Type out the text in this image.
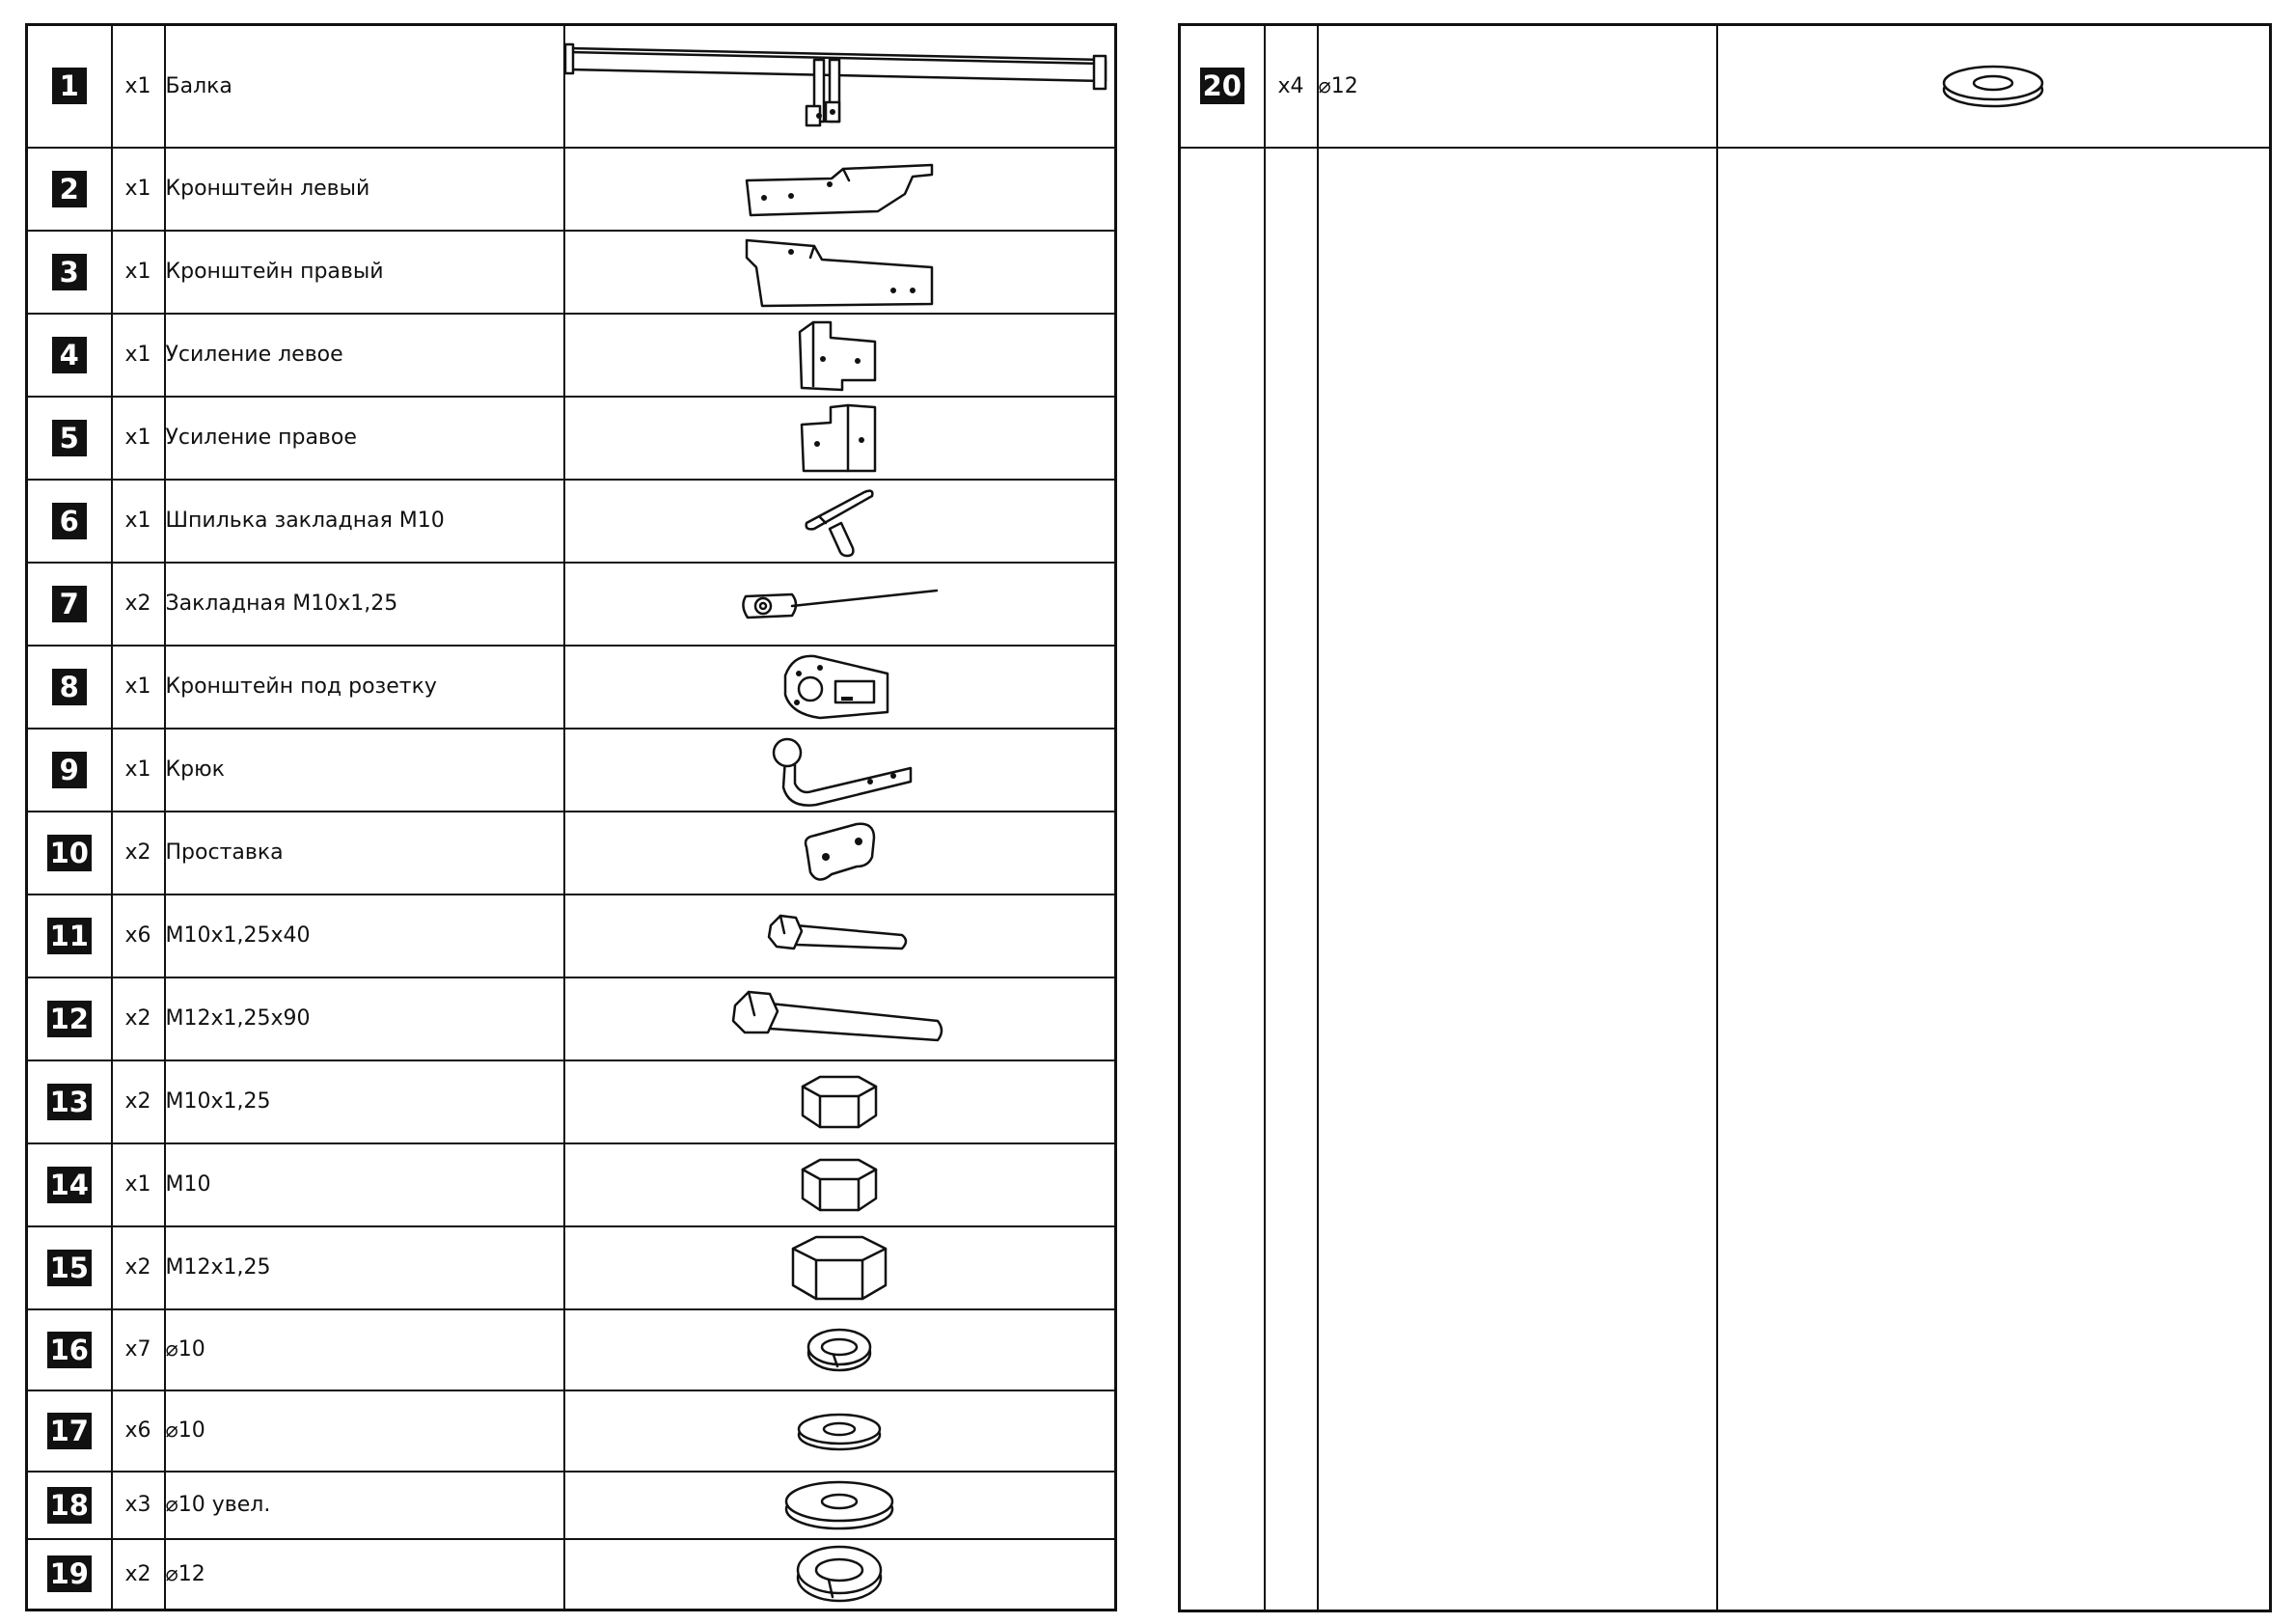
1	x1	Балка	

2	x1	Кронштейн левый	

3	x1	Кронштейн правый	

4	x1	Усиление левое	

5	x1	Усиление правое	

6	x1	Шпилька закладная М10	

7	x2	Закладная М10х1,25	

8	x1	Кронштейн под розетку	

9	x1	Крюк	

10	x2	Проставка	

11	x6	М10х1,25х40	

12	x2	М12х1,25х90	

13	x2	М10х1,25	

14	x1	М10	

15	x2	М12х1,25	

16	x7	⌀10	

17	x6	⌀10	

18	x3	⌀10 увел.	

19	x2	⌀12	
20	x4	⌀12	
